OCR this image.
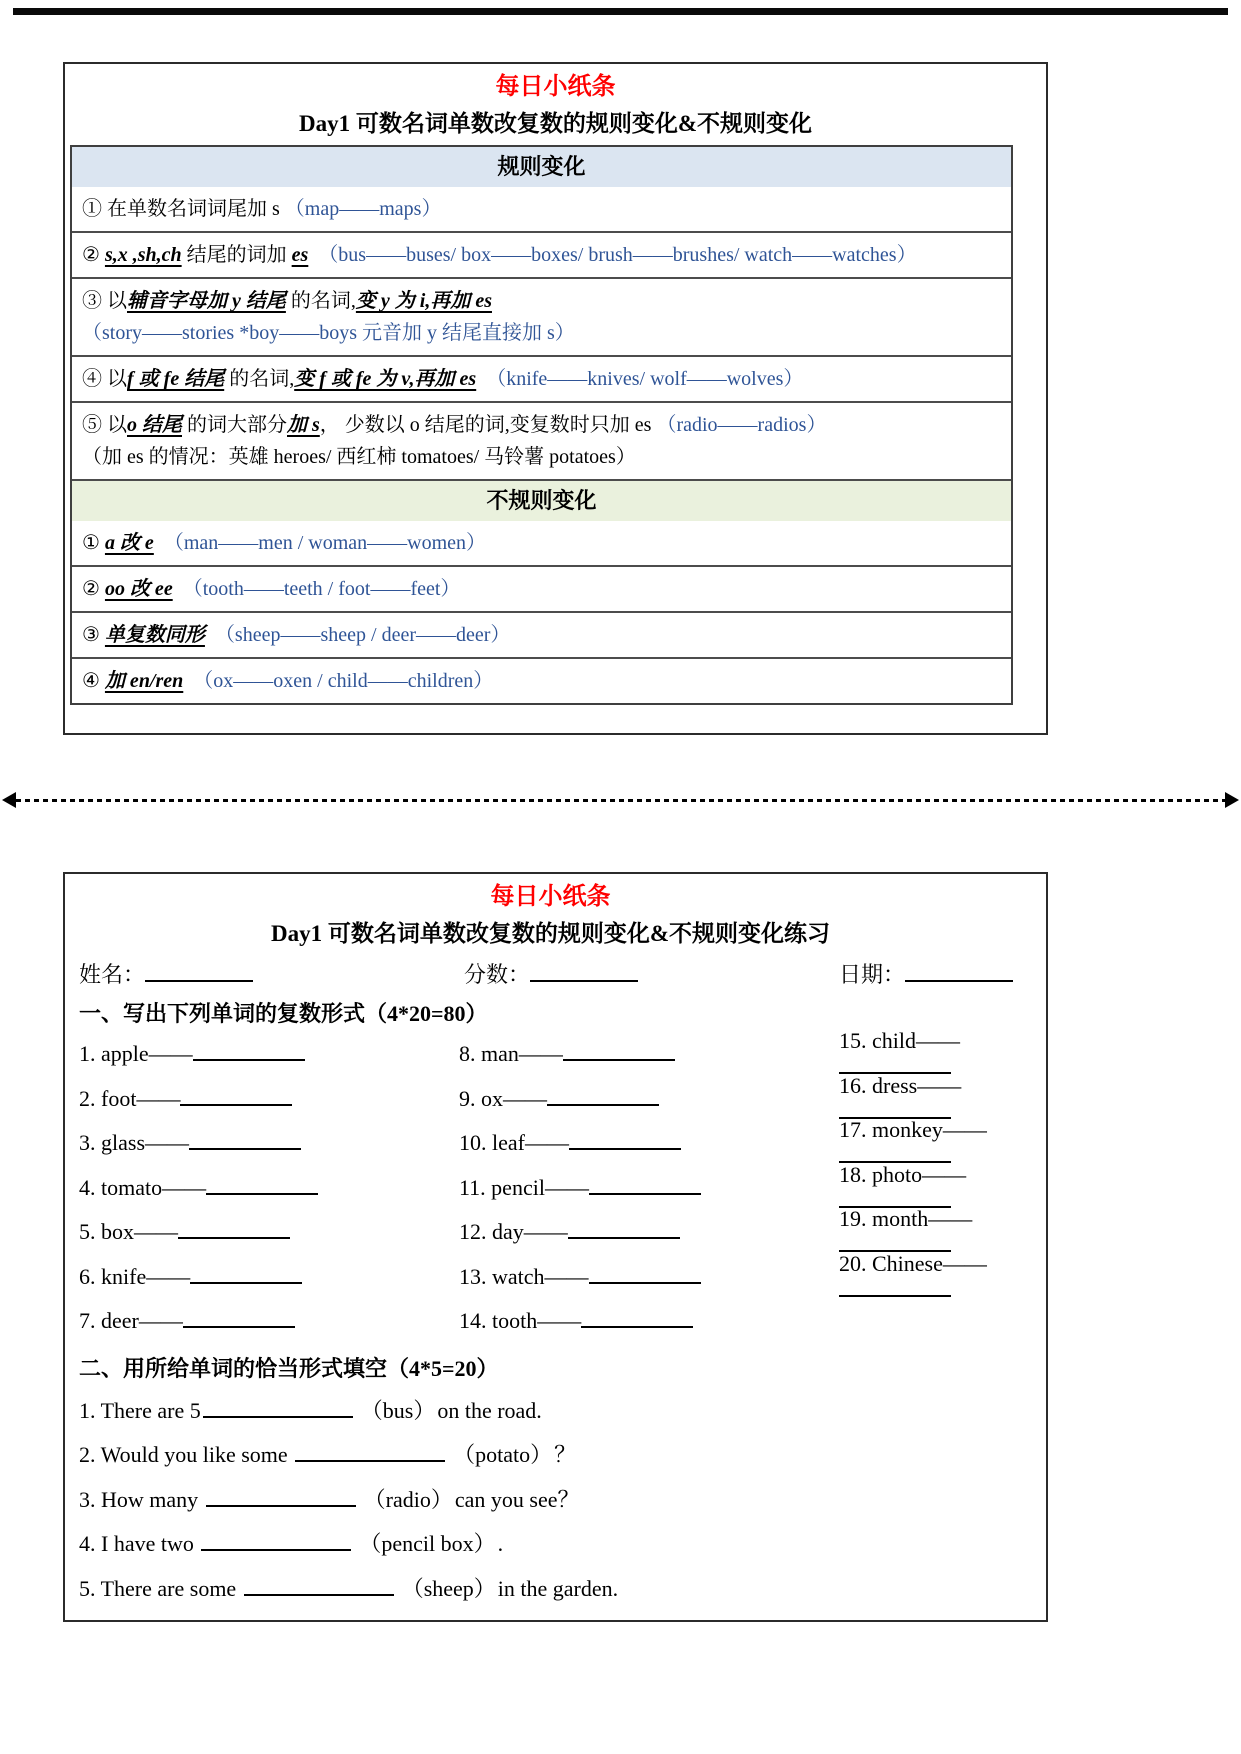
每日小纸条
Day1 可数名词单数改复数的规则变化&不规则变化
规则变化
① 在单数名词词尾加 s （map——maps）
② s,x ,sh,ch 结尾的词加 es （bus——buses/ box——boxes/ brush——brushes/ watch——watches）
③ 以辅音字母加 y 结尾 的名词,变 y 为 i,再加 es
（story——stories *boy——boys 元音加 y 结尾直接加 s）
④ 以f 或 fe 结尾 的名词,变 f 或 fe 为 v,再加 es （knife——knives/ wolf——wolves）
⑤ 以o 结尾 的词大部分加 s， 少数以 o 结尾的词,变复数时只加 es （radio——radios）
（加 es 的情况：英雄 heroes/ 西红柿 tomatoes/ 马铃薯 potatoes）
不规则变化
① a 改 e （man——men / woman——women）
② oo 改 ee （tooth——teeth / foot——feet）
③ 单复数同形 （sheep——sheep / deer——deer）
④ 加 en/ren （ox——oxen / child——children）
每日小纸条
Day1 可数名词单数改复数的规则变化&不规则变化练习
姓名：	分数：	日期：
一、写出下列单词的复数形式（4*20=80）
1. apple——
2. foot——
3. glass——
4. tomato——
5. box——
6. knife——
7. deer——
8. man——
9. ox——
10. leaf——
11. pencil——
12. day——
13. watch——
14. tooth——
15. child——
16. dress——
17. monkey——
18. photo——
19. month——
20. Chinese——
二、用所给单词的恰当形式填空（4*5=20）
1. There are 5	（bus）on the road.
2. Would you like some	（potato）？
3. How many	（radio）can you see？
4. I have two	（pencil box）.
5. There are some	（sheep）in the garden.
